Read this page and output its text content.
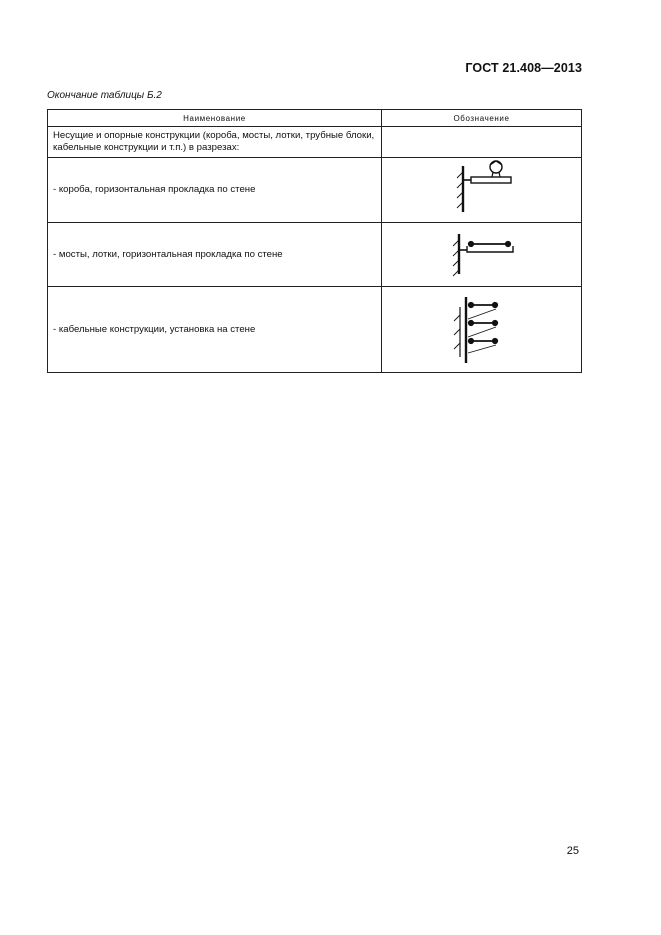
ГОСТ 21.408—2013
Окончание таблицы Б.2
Наименование	Обозначение
Несущие и опорные конструкции (короба, мосты, лотки, трубные блоки, кабельные конструкции и т.п.) в разрезах:	
- короба, горизонтальная прокладка по стене	

- мосты, лотки, горизонтальная прокладка по стене	

- кабельные конструкции, установка на стене	
25
